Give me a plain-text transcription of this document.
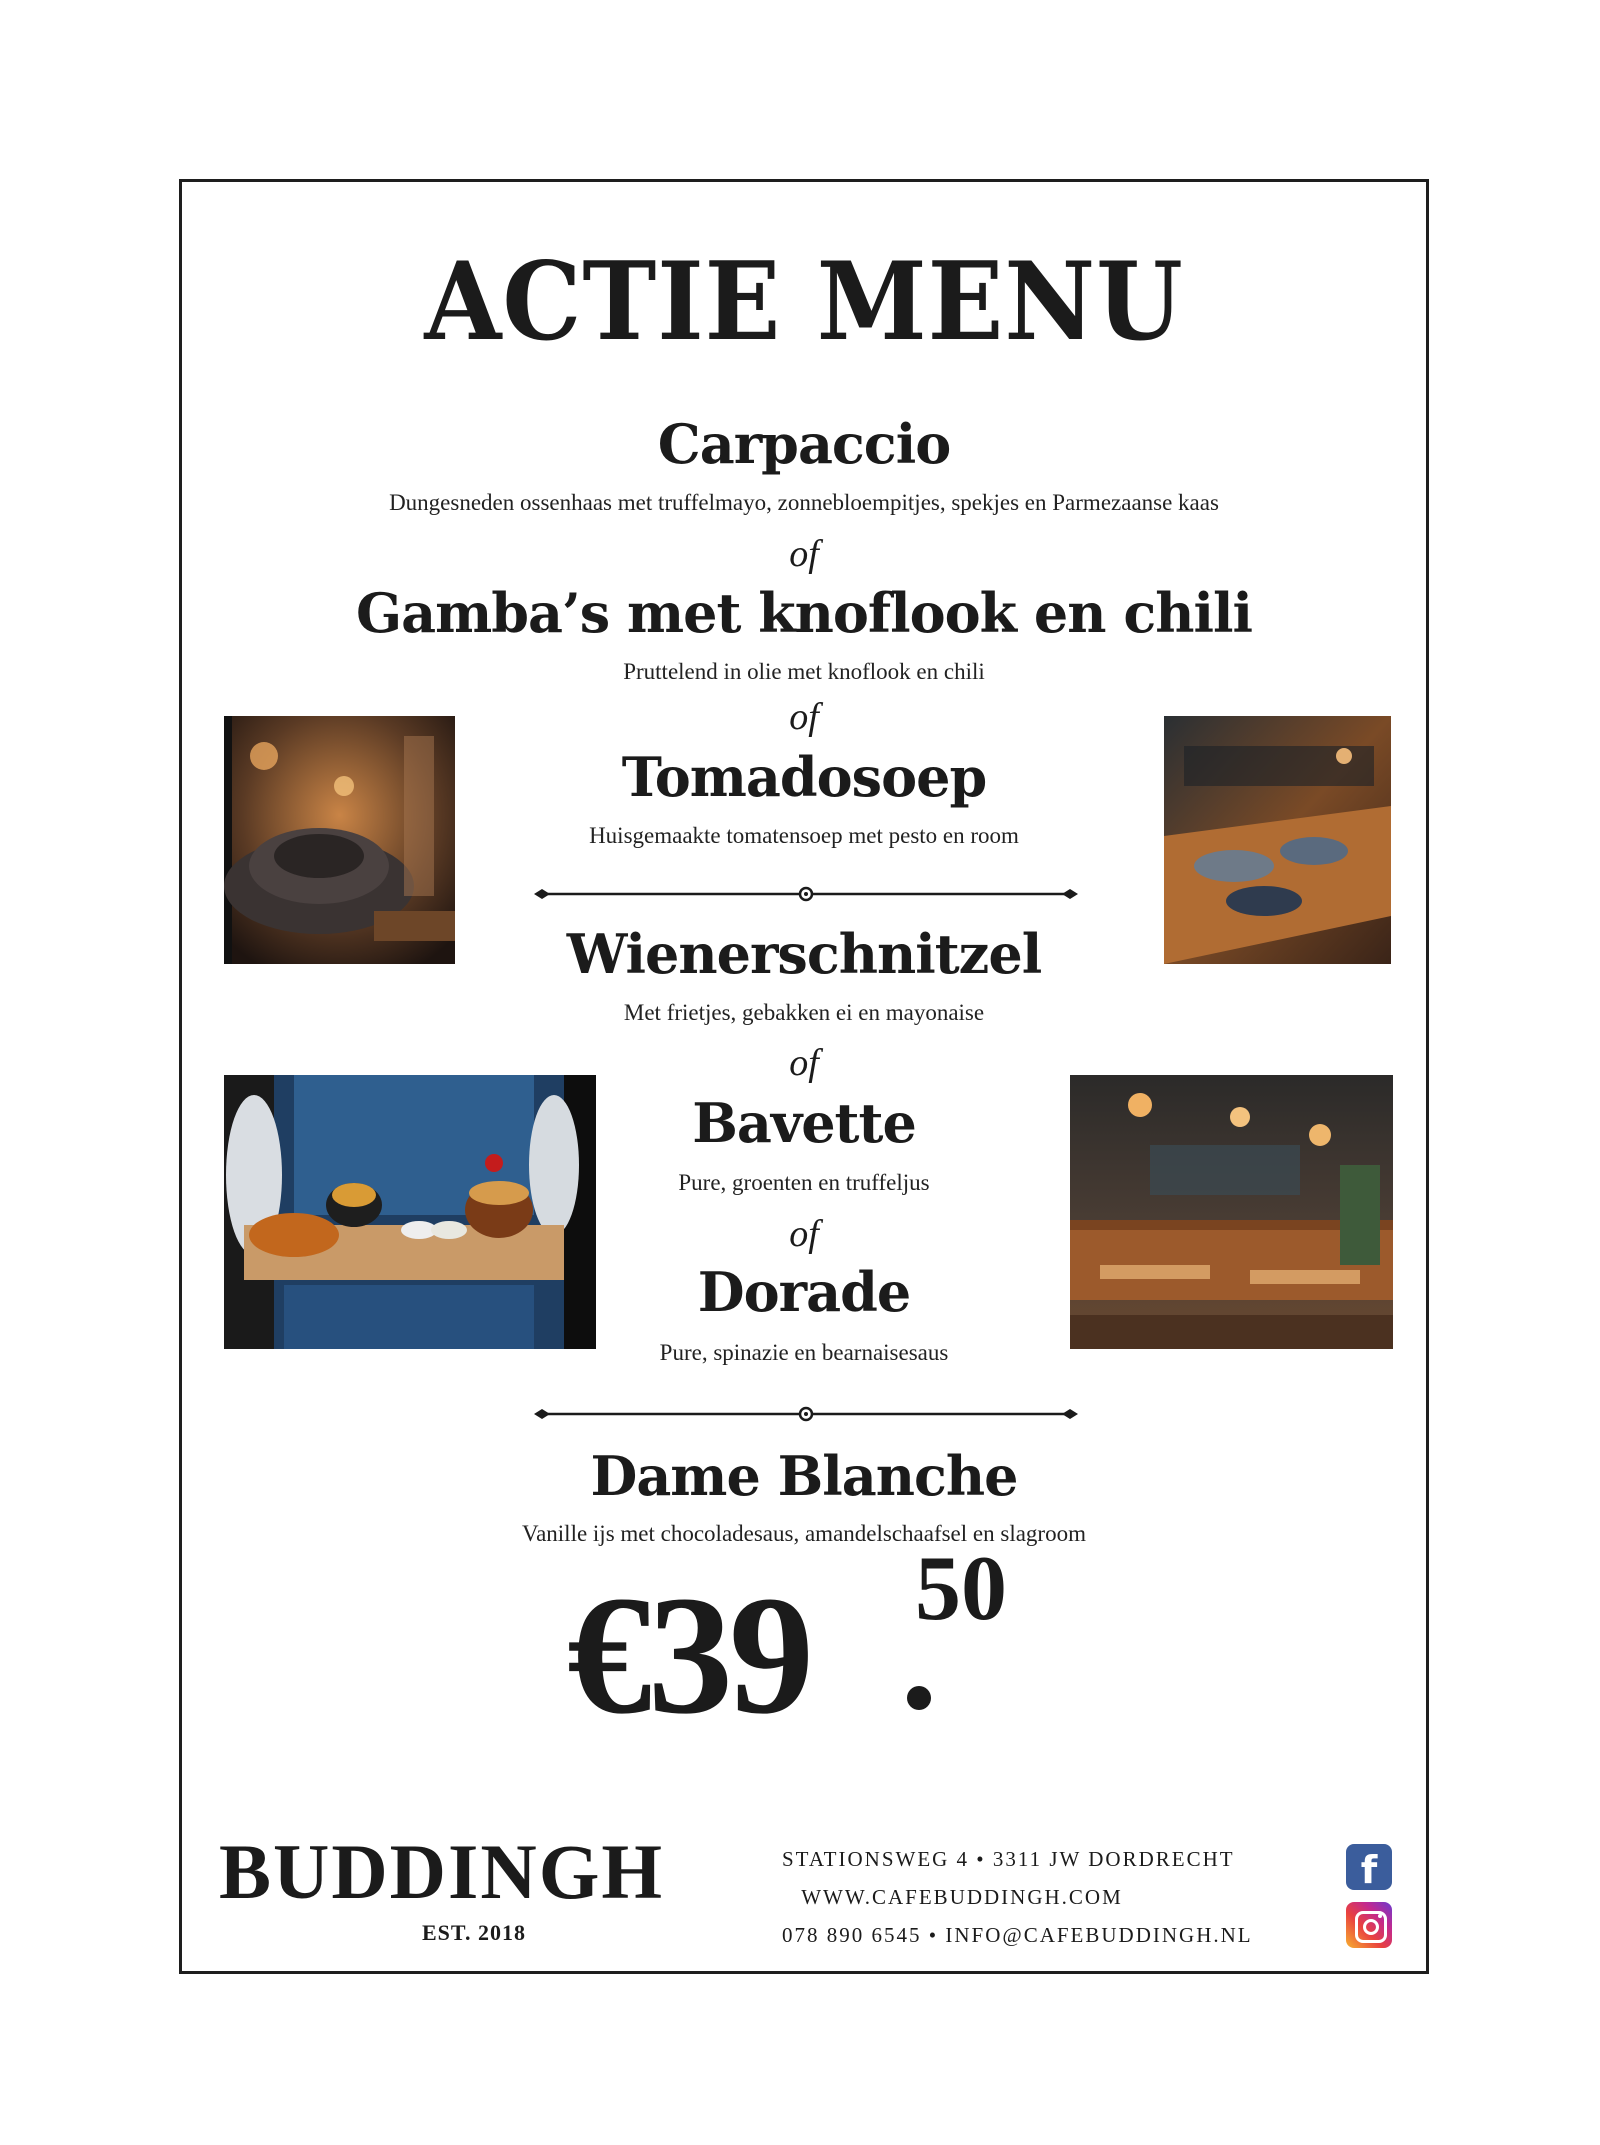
ACTIE MENU
Carpaccio
Dungesneden ossenhaas met truffelmayo, zonnebloempitjes, spekjes en Parmezaanse kaas
of
Gamba’s met knoflook en chili
Pruttelend in olie met knoflook en chili
of
Tomadosoep
Huisgemaakte tomatensoep met pesto en room
Wienerschnitzel
Met frietjes, gebakken ei en mayonaise
of
Bavette
Pure, groenten en truffeljus
of
Dorade
Pure, spinazie en bearnaisesaus
Dame Blanche
Vanille ijs met chocoladesaus, amandelschaafsel en slagroom
€39 50
BUDDINGH
EST. 2018
STATIONSWEG 4 • 3311 JW DORDRECHT
WWW.CAFEBUDDINGH.COM
078 890 6545 • INFO@CAFEBUDDINGH.NL
f
